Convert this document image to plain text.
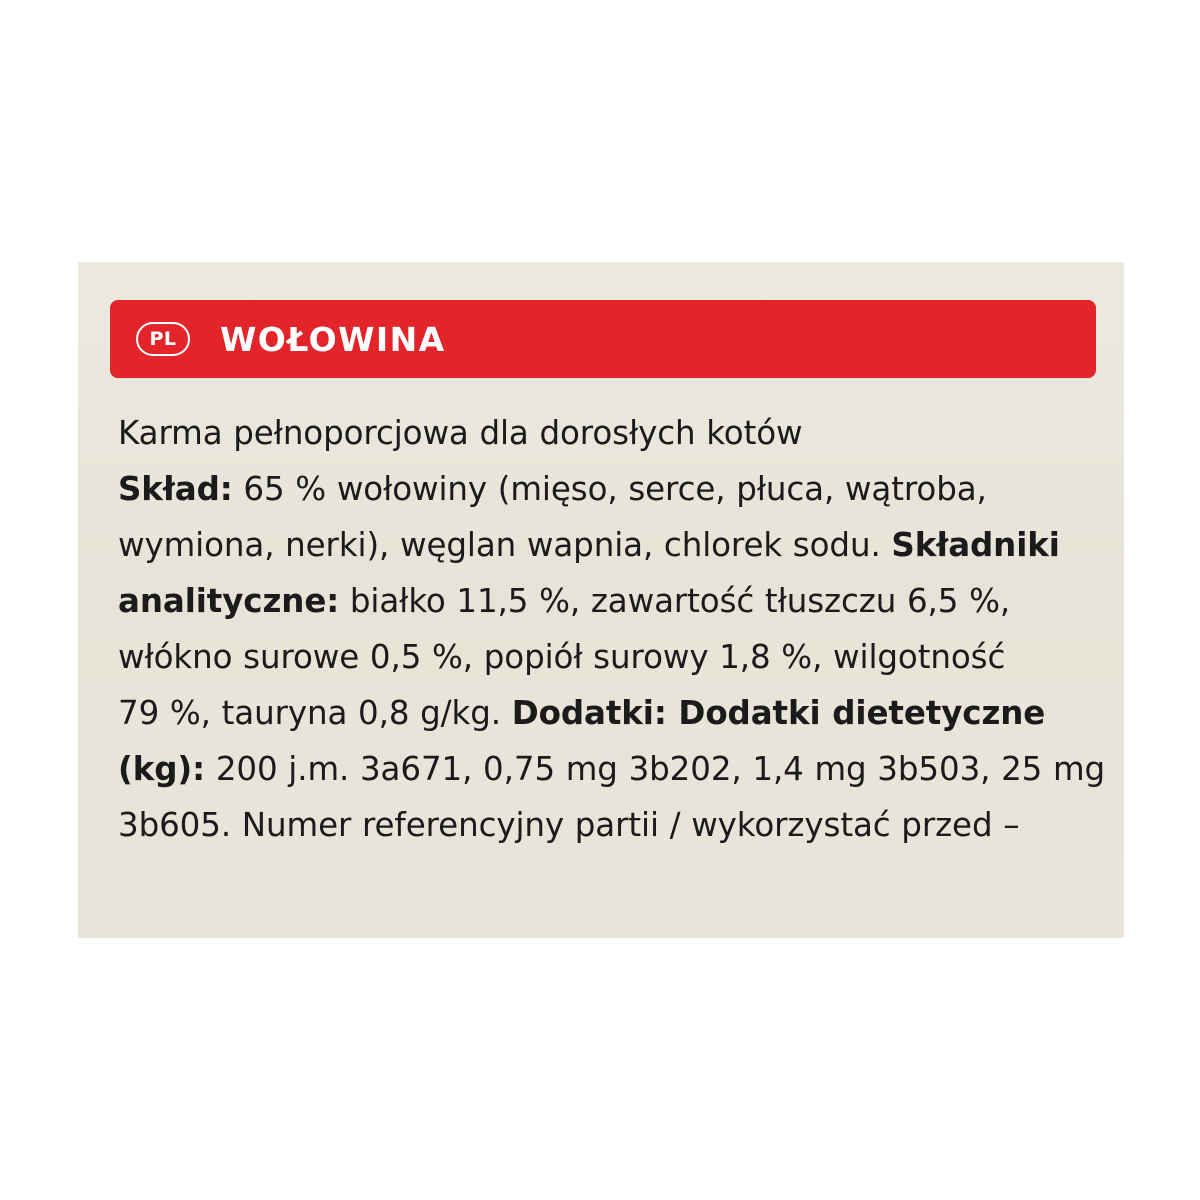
PL	WOŁOWINA
Karma pełnoporcjowa dla dorosłych kotów
Skład: 65 % wołowiny (mięso, serce, płuca, wątroba,
wymiona, nerki), węglan wapnia, chlorek sodu. Składniki
analityczne: białko 11,5 %, zawartość tłuszczu 6,5 %,
włókno surowe 0,5 %, popiół surowy 1,8 %, wilgotność
79 %, tauryna 0,8 g/kg. Dodatki: Dodatki dietetyczne
(kg): 200 j.m. 3a671, 0,75 mg 3b202, 1,4 mg 3b503, 25 mg
3b605. Numer referencyjny partii / wykorzystać przed –
